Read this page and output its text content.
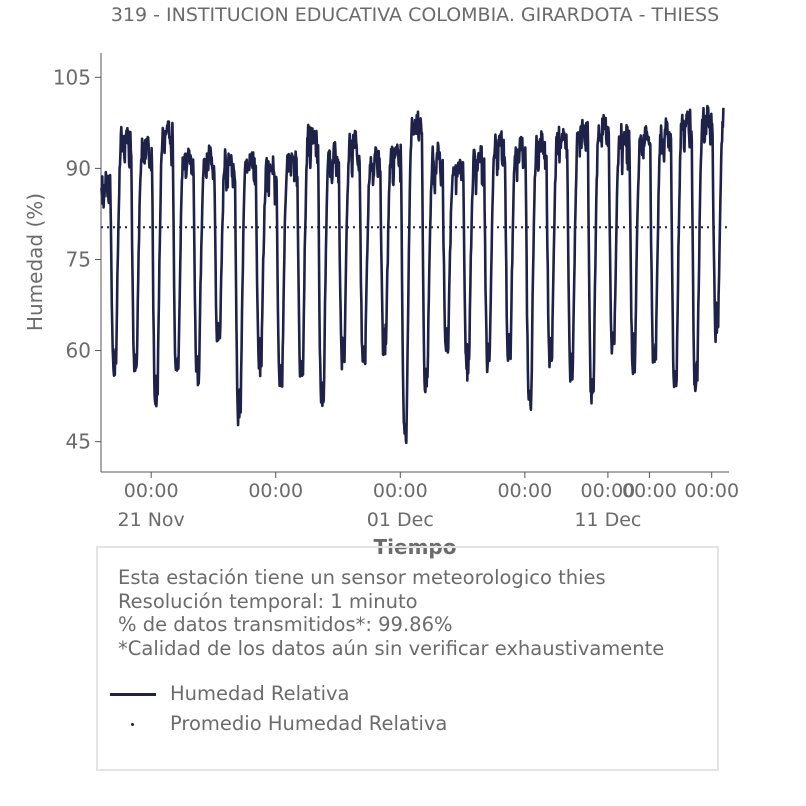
319 - INSTITUCION EDUCATIVA COLOMBIA. GIRARDOTA - THIESS
45
60
75
90
105
00:00
21 Nov
00:00	00:00
01 Dec
00:00 00:00
11 Dec
00:00 00:00
Humedad (%)
Tiempo
Esta estación tiene un sensor meteorologico thies
Resolución temporal: 1 minuto
% de datos transmitidos*: 99.86%
*Calidad de los datos aún sin verificar exhaustivamente
Humedad Relativa
Promedio Humedad Relativa
